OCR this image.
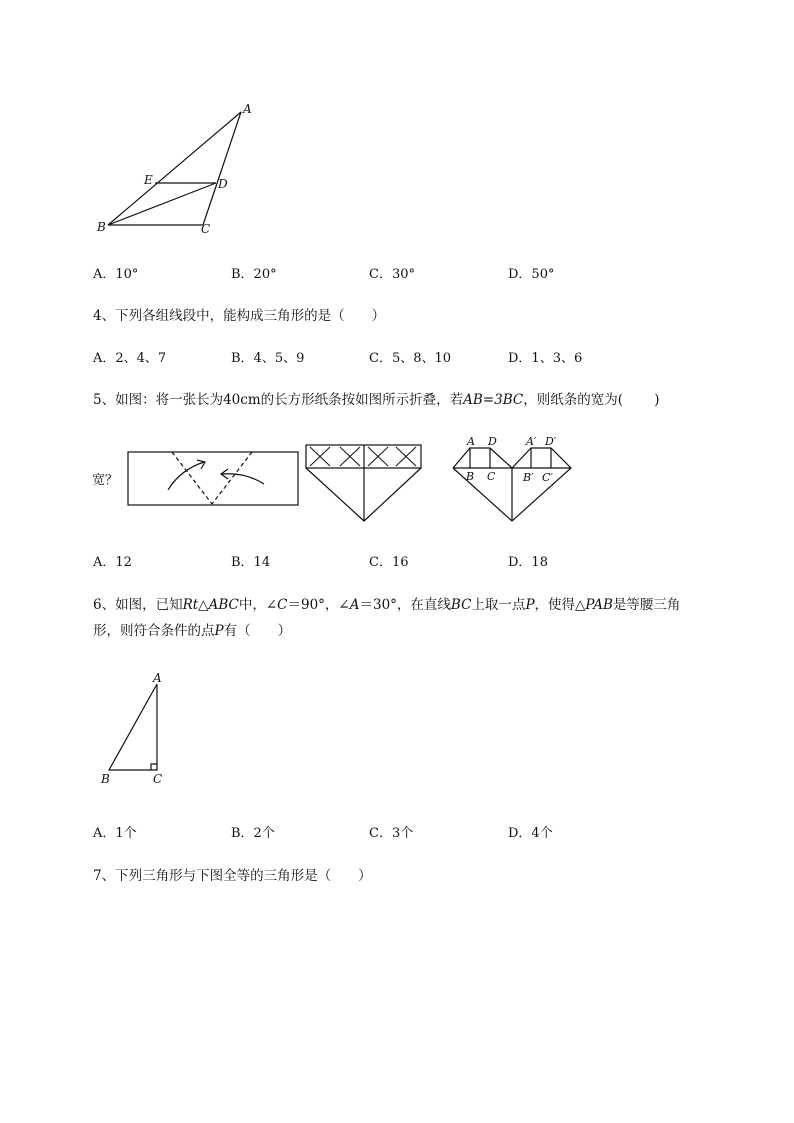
A
E	D
B	C
A．10°	B．20°	C．30°	D．50°
4、下列各组线段中，能构成三角形的是（　　）
A．2、4、7	B．4、5、9	C．5、8、10	D．1、3、6
5、如图：将一张长为40cm的长方形纸条按如图所示折叠，若AB=3BC，则纸条的宽为(　　 )
宽？
A D
B C
A′ D′
B′ C′
A．12	B．14	C．16	D．18
6、如图，已知Rt△ABC中，∠C＝90°，∠A＝30°，在直线BC上取一点P，使得△PAB是等腰三角
形，则符合条件的点P有（　　）
A
B	C
A．1个	B．2个	C．3个	D．4个
7、下列三角形与下图全等的三角形是（　　）
